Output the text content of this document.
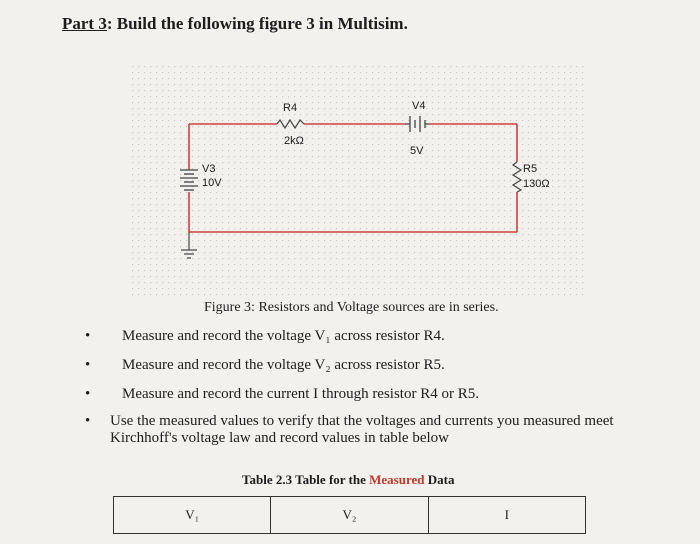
Part 3: Build the following figure 3 in Multisim.
R4
2kΩ
V4
5V
V3
10V
R5
130Ω
Figure 3: Resistors and Voltage sources are in series.
• Measure and record the voltage V₁ across resistor R4.
• Measure and record the voltage V₂ across resistor R5.
• Measure and record the current I through resistor R4 or R5.
• Use the measured values to verify that the voltages and currents you measured meet Kirchhoff's voltage law and record values in table below
Table 2.3 Table for the Measured Data
V₁	V₂	I
